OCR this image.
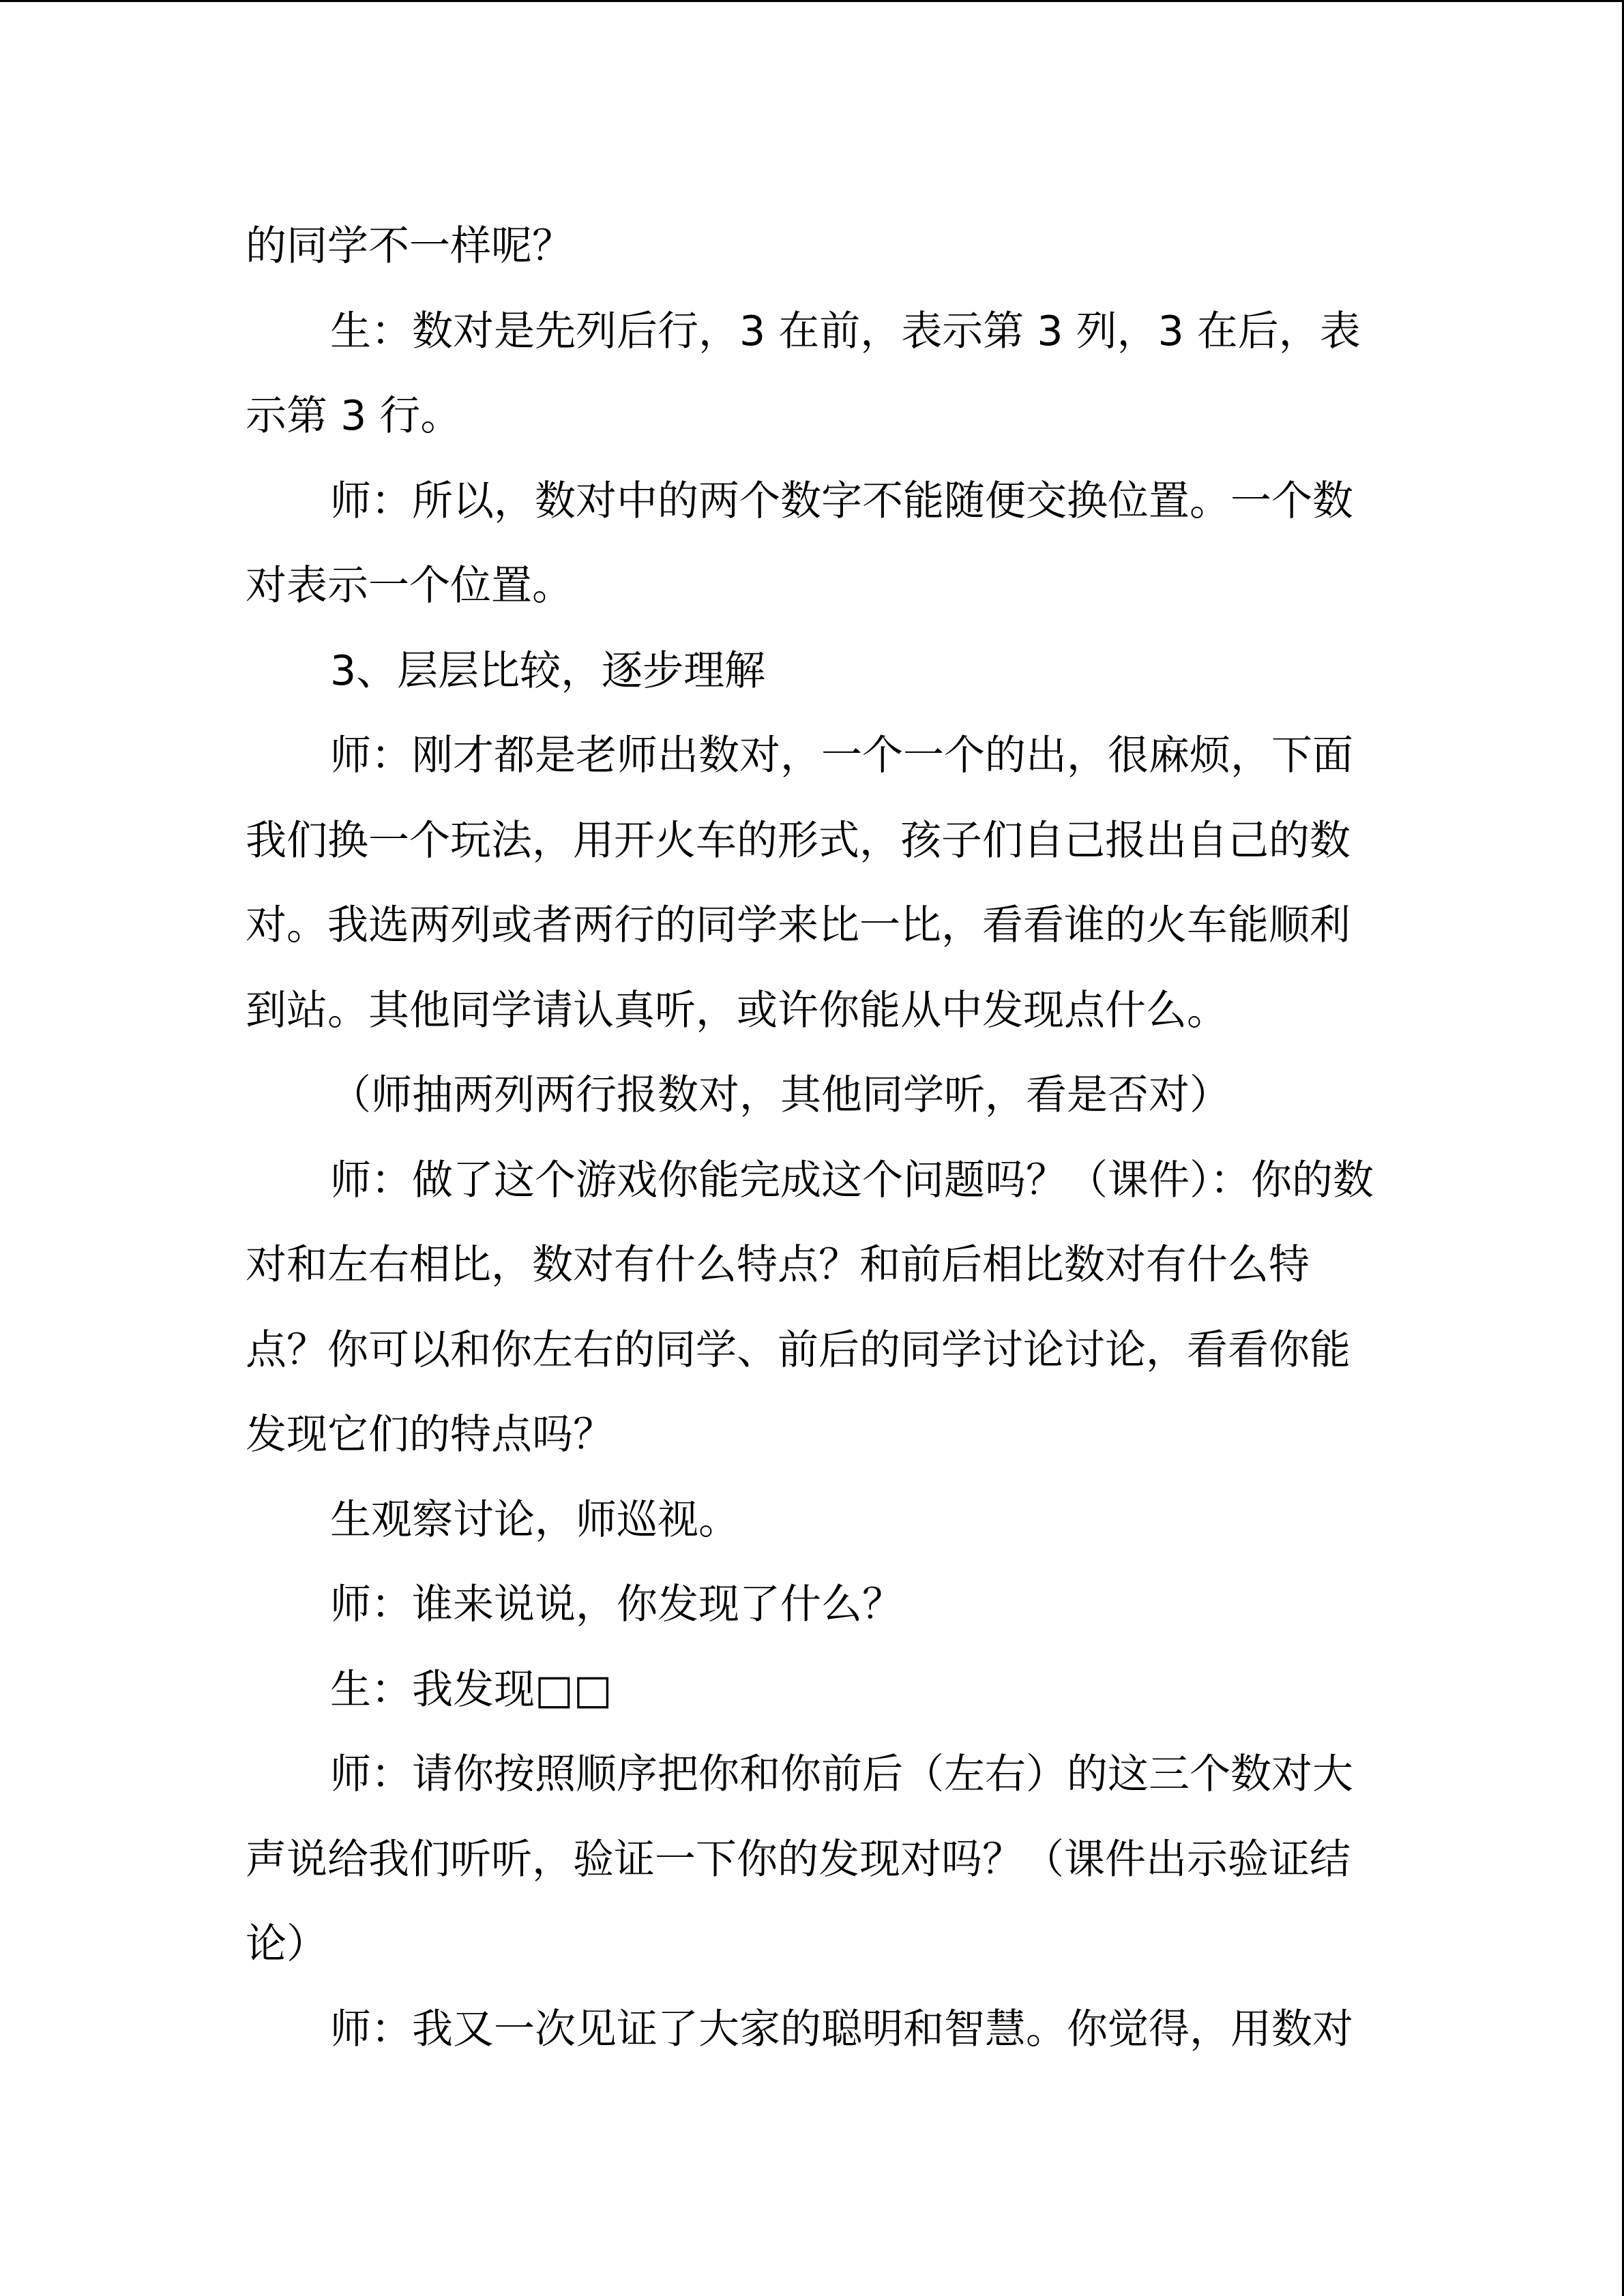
的同学不一样呢？

生：数对是先列后行，3 在前，表示第 3 列，3 在后，表示第 3 行。

师：所以，数对中的两个数字不能随便交换位置。一个数对表示一个位置。

3、层层比较，逐步理解

师：刚才都是老师出数对，一个一个的出，很麻烦，下面我们换一个玩法，用开火车的形式，孩子们自己报出自己的数对。我选两列或者两行的同学来比一比，看看谁的火车能顺利到站。其他同学请认真听，或许你能从中发现点什么。

（师抽两列两行报数对，其他同学听，看是否对）

师：做了这个游戏你能完成这个问题吗？（课件）：你的数对和左右相比，数对有什么特点？和前后相比数对有什么特点？你可以和你左右的同学、前后的同学讨论讨论，看看你能发现它们的特点吗？

生观察讨论，师巡视。

师：谁来说说，你发现了什么？

生：我发现□□

师：请你按照顺序把你和你前后（左右）的这三个数对大声说给我们听听，验证一下你的发现对吗？（课件出示验证结论）

师：我又一次见证了大家的聪明和智慧。你觉得，用数对
